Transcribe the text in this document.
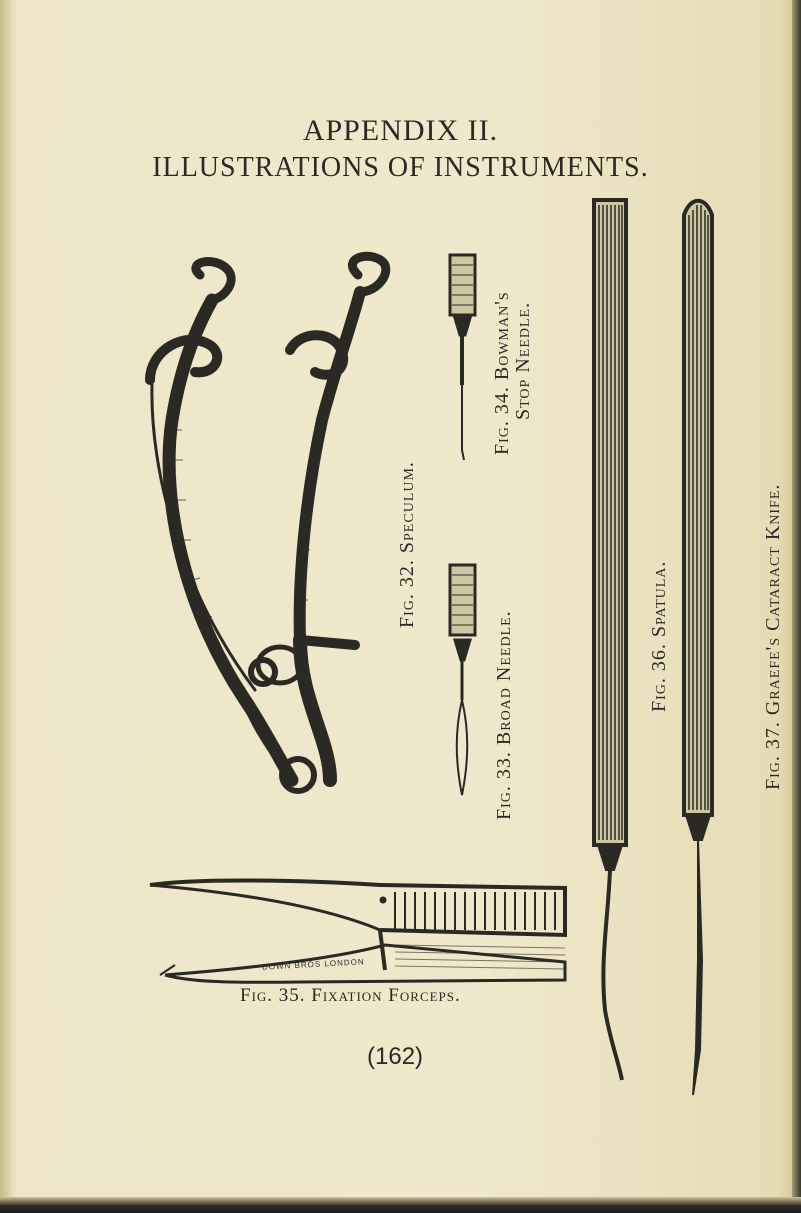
APPENDIX II.
ILLUSTRATIONS OF INSTRUMENTS.
DOWN BROS LONDON

Fig. 32. Speculum.

Fig. 33. Broad Needle.

Fig. 34. Bowman's Stop Needle.

Fig. 36. Spatula.	Fig. 37. Graefe's Cataract Knife.

Fig. 35. Fixation Forceps.

(162)
